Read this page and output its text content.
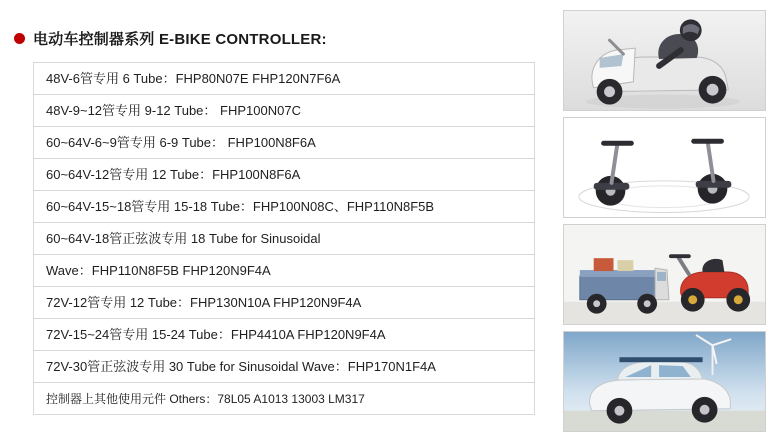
电动车控制器系列 E-BIKE CONTROLLER:
48V-6管专用 6 Tube：FHP80N07E FHP120N7F6A
48V-9~12管专用 9-12 Tube： FHP100N07C
60~64V-6~9管专用 6-9 Tube： FHP100N8F6A
60~64V-12管专用 12 Tube：FHP100N8F6A
60~64V-15~18管专用 15-18 Tube：FHP100N08C、FHP110N8F5B
60~64V-18管正弦波专用 18 Tube for Sinusoidal
Wave：FHP110N8F5B FHP120N9F4A
72V-12管专用 12 Tube：FHP130N10A FHP120N9F4A
72V-15~24管专用 15-24 Tube：FHP4410A FHP120N9F4A
72V-30管正弦波专用 30 Tube for Sinusoidal Wave：FHP170N1F4A
控制器上其他使用元件 Others：78L05 A1013 13003 LM317
